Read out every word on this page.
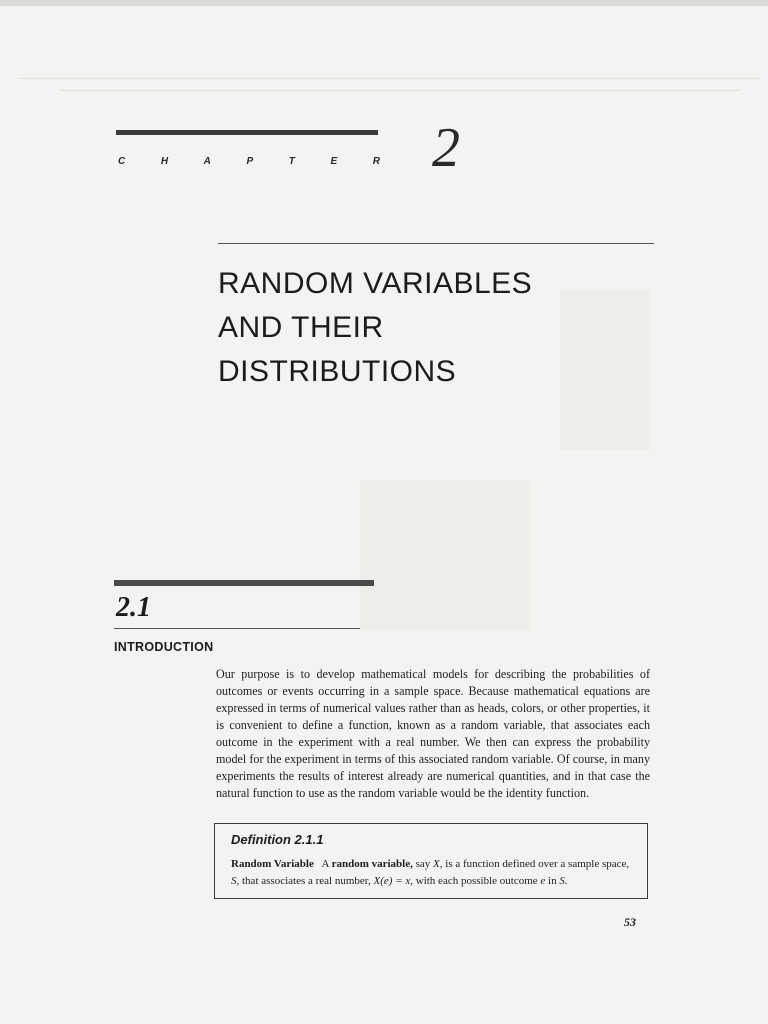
C	H	A	P	T	E	R 2
RANDOM VARIABLES
AND THEIR
DISTRIBUTIONS
2.1
INTRODUCTION
Our purpose is to develop mathematical models for describing the probabilities of outcomes or events occurring in a sample space. Because mathematical equations are expressed in terms of numerical values rather than as heads, colors, or other properties, it is convenient to define a function, known as a random variable, that associates each outcome in the experiment with a real number. We then can express the probability model for the experiment in terms of this associated random variable. Of course, in many experiments the results of interest already are numerical quantities, and in that case the natural function to use as the random variable would be the identity function.
Definition 2.1.1
Random Variable A random variable, say X, is a function defined over a sample space, S, that associates a real number, X(e) = x, with each possible outcome e in S.
53
